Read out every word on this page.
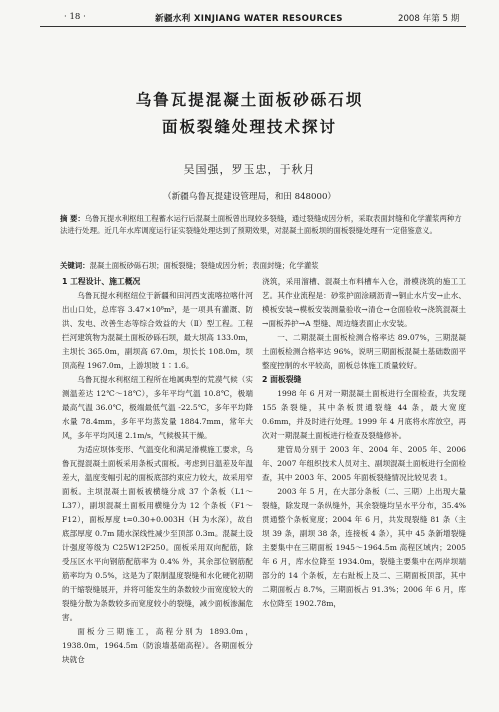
· 18 ·	新疆水利 XINJIANG WATER RESOURCES	2008 年第 5 期
乌鲁瓦提混凝土面板砂砾石坝
面板裂缝处理技术探讨
吴国强，罗玉忠，于秋月
（新疆乌鲁瓦提建设管理局，和田 848000）
摘 要：乌鲁瓦提水利枢纽工程蓄水运行后混凝土面板曾出现较多裂缝，通过裂缝成因分析，采取表面封缝和化学灌浆两种方法进行处理。近几年水库调度运行证实裂缝处理达到了预期效果，对混凝土面板坝的面板裂缝处理有一定借鉴意义。
关键词：混凝土面板砂砾石坝；面板裂缝；裂缝成因分析；表面封缝；化学灌浆
1 工程设计、施工概况

乌鲁瓦提水利枢纽位于新疆和田河西支流喀拉喀什河出山口处，总库容 3.47×10⁸m³，是一项具有灌溉、防洪、发电、改善生态等综合效益的大（Ⅱ）型工程。工程拦河建筑物为混凝土面板砂砾石坝，最大坝高 133.0m，主坝长 365.0m，副坝高 67.0m，坝长长 108.0m，坝顶高程 1967.0m，上游坝坡 1∶1.6。

乌鲁瓦提水利枢纽工程所在地属典型的荒漠气候（实测温差达 12℃～18℃），多年平均气温 10.8℃，极端最高气温 36.0℃，极端最低气温 -22.5℃，多年平均降水量 78.4mm，多年平均蒸发量 1884.7mm，常年大风，多年平均风速 2.1m/s，气候极其干燥。

为适应坝体变形、气温变化和满足滑模施工要求，乌鲁瓦提混凝土面板采用条板式面板。考虑到日温差及年温差大，温度变幅引起的面板底部约束应力较大，故采用窄面板。主坝混凝土面板被横缝分成 37 个条板（L1～L37），副坝混凝土面板用横缝分为 12 个条板（F1～F12），面板厚度 t=0.30+0.003H（H 为水深），故自底部厚度 0.7m 随水深线性减少至顶部 0.3m。混凝土设计强度等级为 C25W12F250。面板采用双向配筋，除受压区水平向钢筋配筋率为 0.4% 外，其余部位钢筋配筋率均为 0.5%，这是为了限制温度裂缝和水化硬化初期的干缩裂缝展开，并将可能发生的条数较少而宽度较大的裂缝分散为条数较多而宽度较小的裂缝，减少面板渗漏危害。

面板分三期施工，高程分别为 1893.0m，1938.0m，1964.5m（防浪墙基础高程）。各期面板分块就仓

浇筑，采用溜槽、混凝土布料槽车入仓，滑模浇筑的施工工艺。其作业流程是：砂浆护面涂刷沥青→铜止水片安→止水、模板安装→模板安装测量验收→清仓→仓面验收→浇筑混凝土→面板养护→A 型缝、周边缝表面止水安装。

一、二期混凝土面板检测合格率达 89.07%，三期混凝土面板检测合格率达 96%，说明三期面板混凝土基础数面平整度控制的水平较高，面板总体施工质量较好。

2 面板裂缝

1998 年 6 月对一期混凝土面板进行全面检查，共发现 155 条裂缝，其中条板贯通裂缝 44 条，最大宽度 0.6mm，并及时进行处理。1999 年 4 月底将水库放空，再次对一期混凝土面板进行检查及裂缝修补。

建管局分别于 2003 年、2004 年、2005 年、2006 年、2007 年组织技术人员对主、副坝混凝土面板进行全面检查，其中 2003 年、2005 年面板裂缝情况比较见表 1。

2003 年 5 月，在大部分条板（二、三期）上出现大量裂缝，除发现一条纵缝外，其余裂缝均呈水平分布，35.4% 贯通整个条板宽度；2004 年 6 月，共发现裂缝 81 条（主坝 39 条，副坝 38 条，连接板 4 条），其中 45 条新增裂缝主要集中在三期面板 1945～1964.5m 高程区域内；2005 年 6 月，库水位降至 1934.0m，裂缝主要集中在两岸坝端部分的 14 个条板，左右趾板上及二、三期面板顶部，其中二期面板占 8.7%，三期面板占 91.3%；2006 年 6 月，库水位降至 1902.78m，
